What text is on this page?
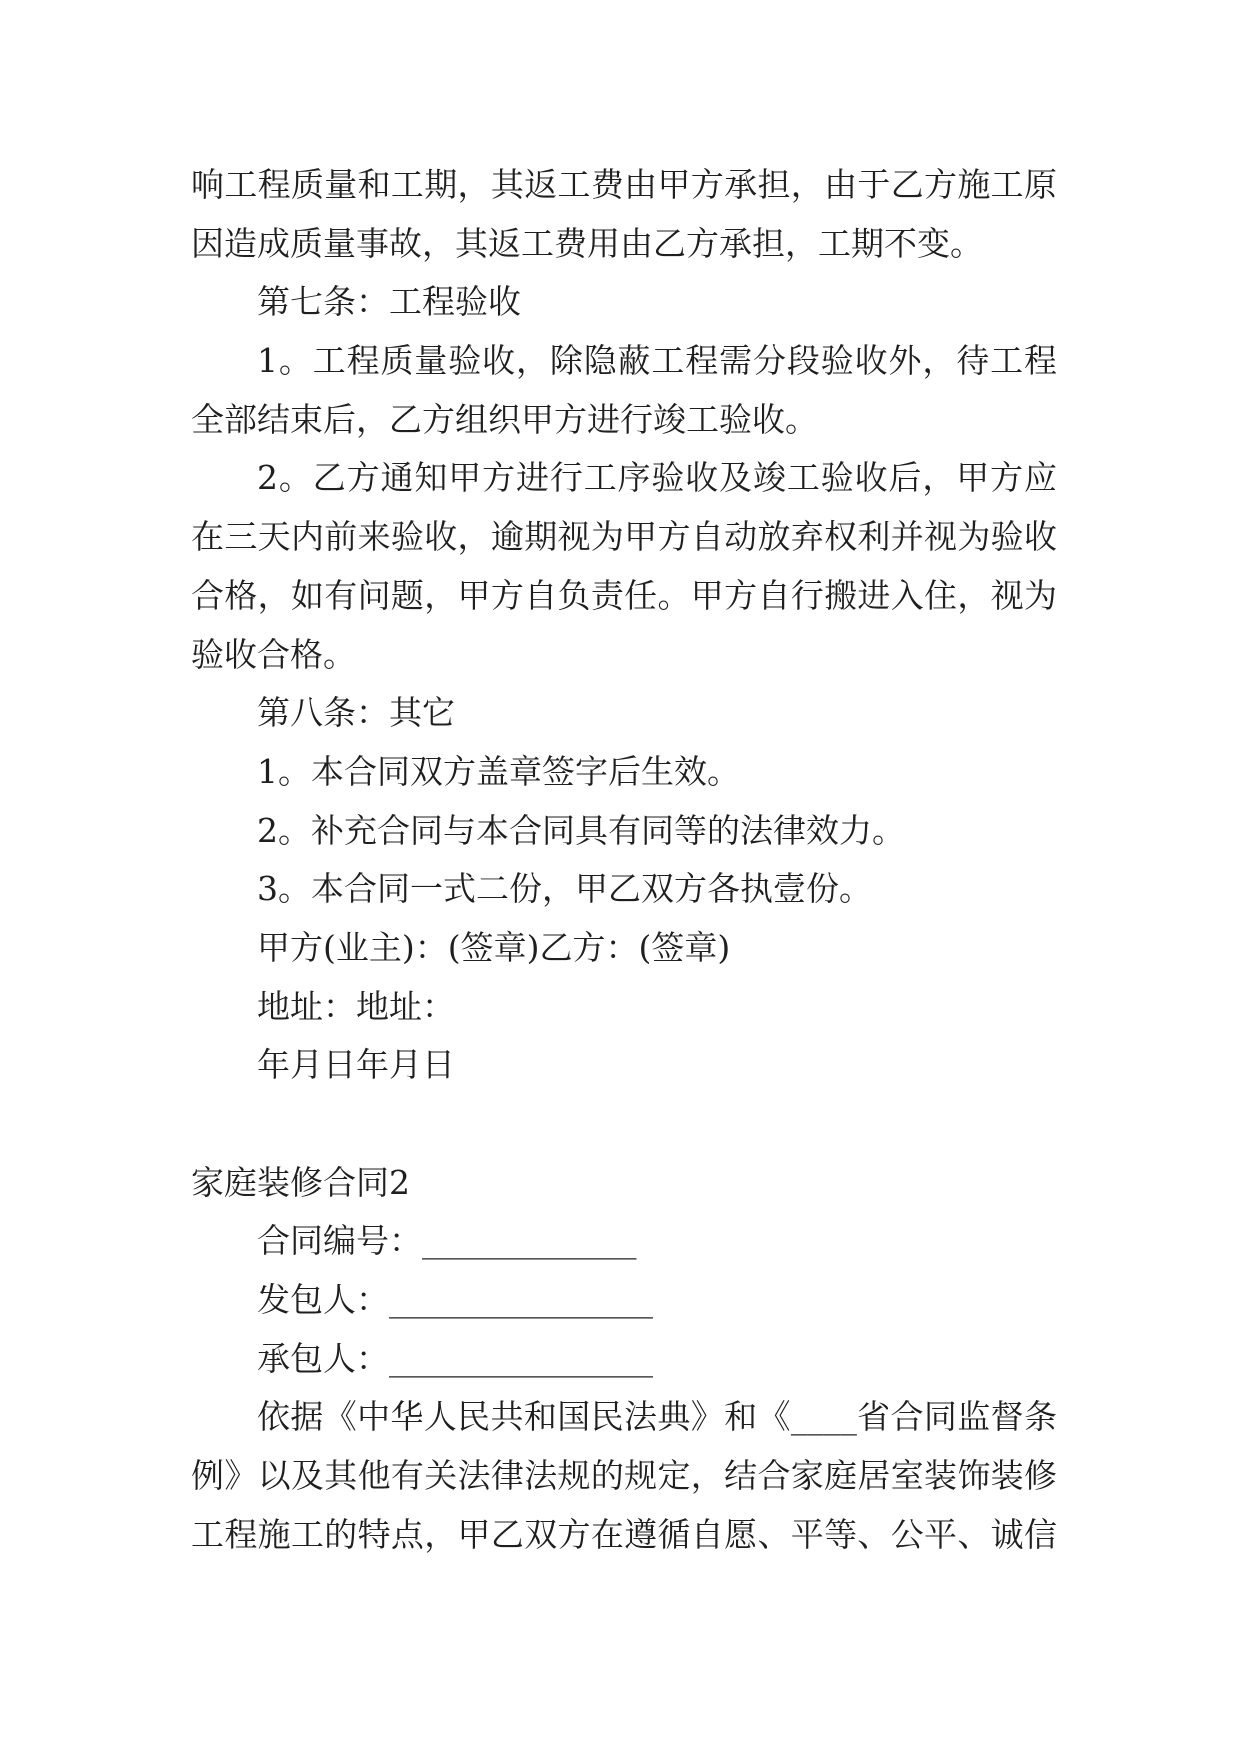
响工程质量和工期，其返工费由甲方承担，由于乙方施工原
因造成质量事故，其返工费用由乙方承担，工期不变。
第七条：工程验收
1。工程质量验收，除隐蔽工程需分段验收外，待工程
全部结束后，乙方组织甲方进行竣工验收。
2。乙方通知甲方进行工序验收及竣工验收后，甲方应
在三天内前来验收，逾期视为甲方自动放弃权利并视为验收
合格，如有问题，甲方自负责任。甲方自行搬进入住，视为
验收合格。
第八条：其它
1。本合同双方盖章签字后生效。
2。补充合同与本合同具有同等的法律效力。
3。本合同一式二份，甲乙双方各执壹份。
甲方(业主)：(签章)乙方：(签章)
地址：地址：
年月日年月日
家庭装修合同2
合同编号：_____________
发包人：________________
承包人：________________
依据《中华人民共和国民法典》和《____省合同监督条
例》以及其他有关法律法规的规定，结合家庭居室装饰装修
工程施工的特点，甲乙双方在遵循自愿、平等、公平、诚信
